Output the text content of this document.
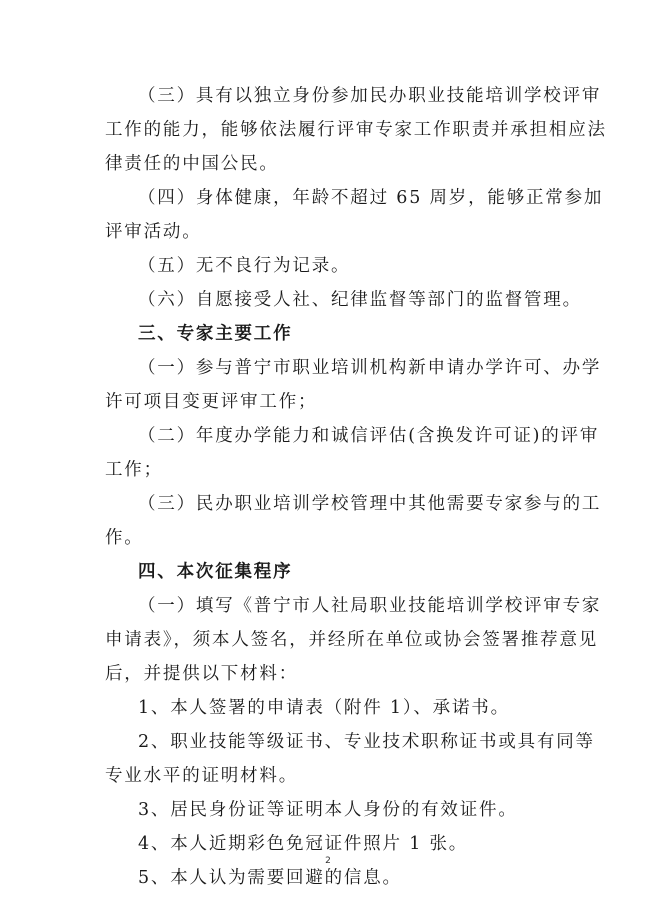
（三）具有以独立身份参加民办职业技能培训学校评审
工作的能力，能够依法履行评审专家工作职责并承担相应法
律责任的中国公民。
（四）身体健康，年龄不超过 65 周岁，能够正常参加
评审活动。
（五）无不良行为记录。
（六）自愿接受人社、纪律监督等部门的监督管理。
三、专家主要工作
（一）参与普宁市职业培训机构新申请办学许可、办学
许可项目变更评审工作；
（二）年度办学能力和诚信评估(含换发许可证)的评审
工作；
（三）民办职业培训学校管理中其他需要专家参与的工
作。
四、本次征集程序
（一）填写《普宁市人社局职业技能培训学校评审专家
申请表》，须本人签名，并经所在单位或协会签署推荐意见
后，并提供以下材料：
1、本人签署的申请表（附件 1）、承诺书。
2、职业技能等级证书、专业技术职称证书或具有同等
专业水平的证明材料。
3、居民身份证等证明本人身份的有效证件。
4、本人近期彩色免冠证件照片 1 张。
5、本人认为需要回避的信息。
2
